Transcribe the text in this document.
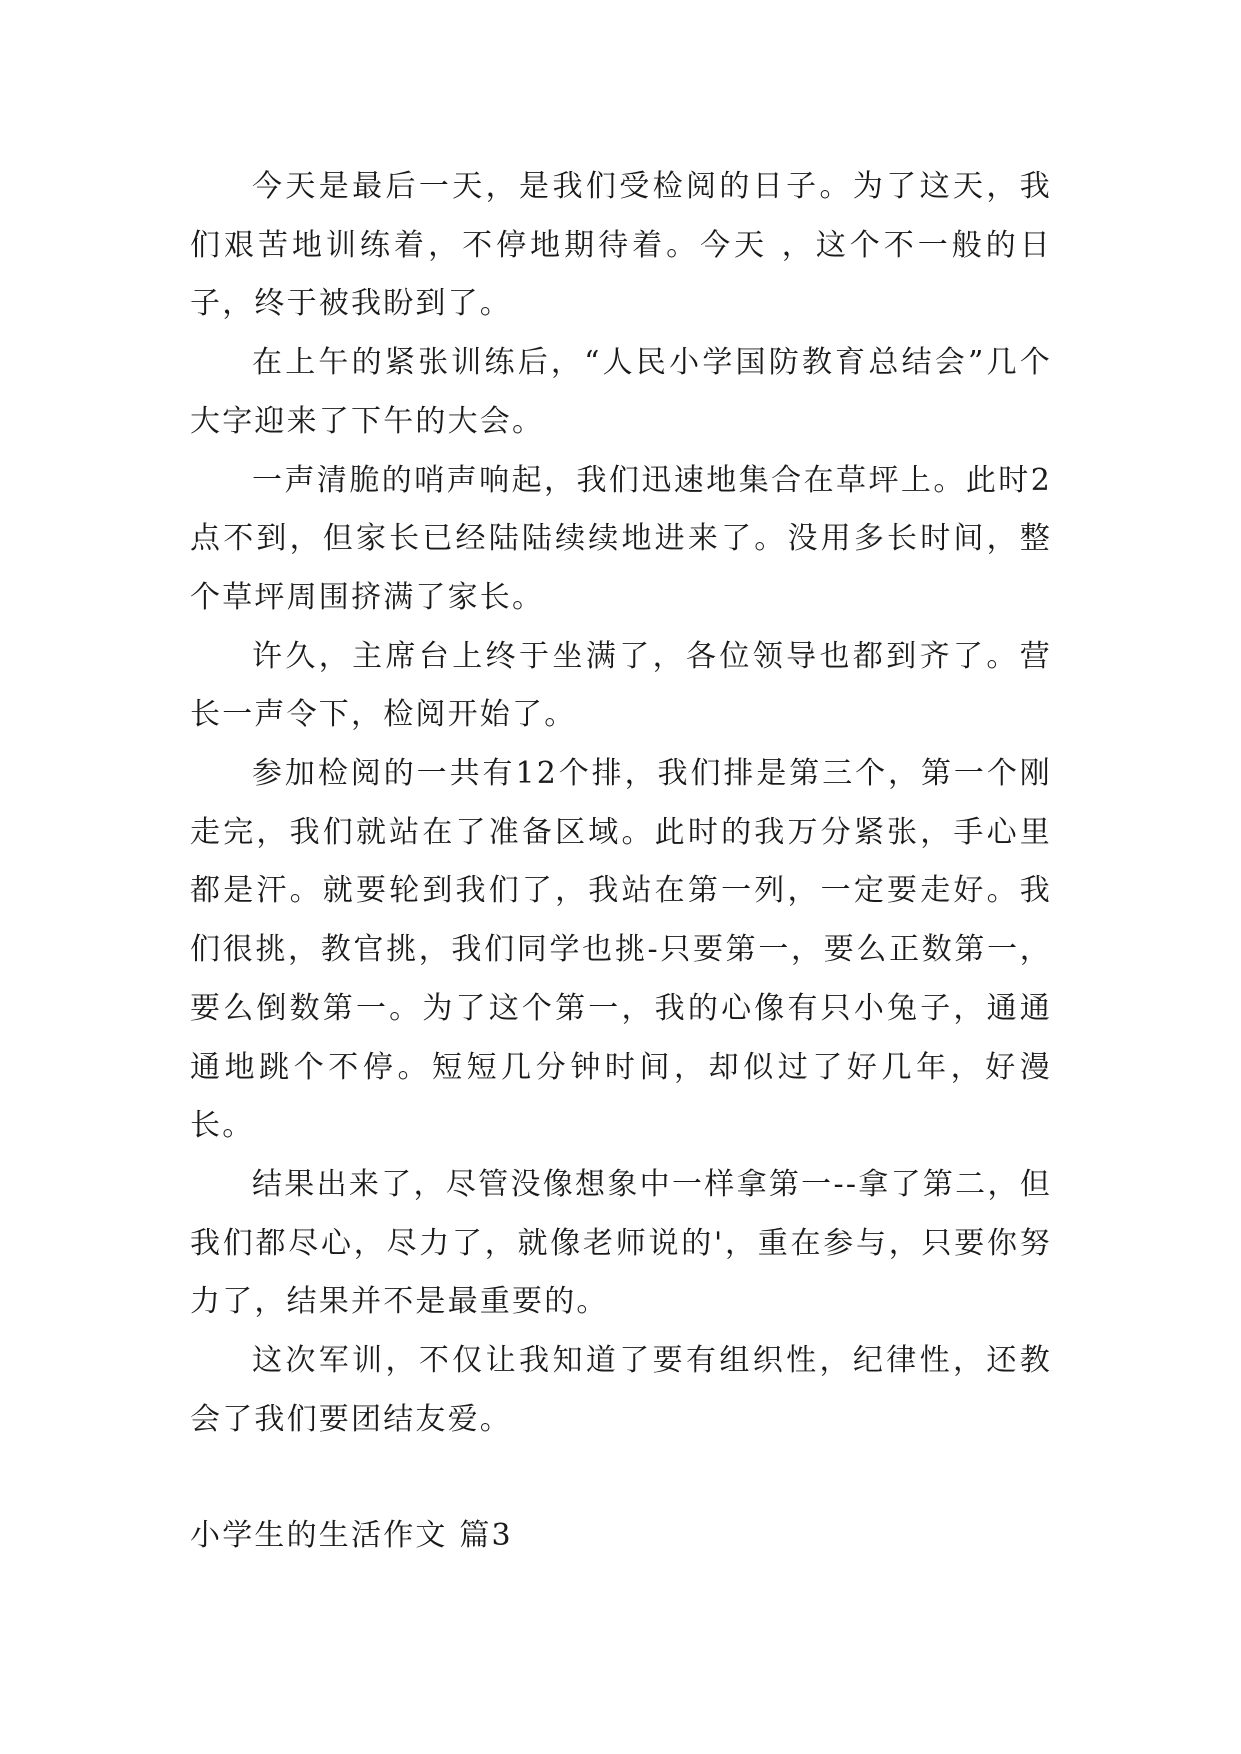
今天是最后一天，是我们受检阅的日子。为了这天，我们艰苦地训练着，不停地期待着。今天 ，这个不一般的日子，终于被我盼到了。

在上午的紧张训练后，“人民小学国防教育总结会”几个大字迎来了下午的大会。

一声清脆的哨声响起，我们迅速地集合在草坪上。此时2点不到，但家长已经陆陆续续地进来了。没用多长时间，整个草坪周围挤满了家长。

许久，主席台上终于坐满了，各位领导也都到齐了。营长一声令下，检阅开始了。

参加检阅的一共有12个排，我们排是第三个，第一个刚走完，我们就站在了准备区域。此时的我万分紧张，手心里都是汗。就要轮到我们了，我站在第一列，一定要走好。我们很挑，教官挑，我们同学也挑-只要第一，要么正数第一，要么倒数第一。为了这个第一，我的心像有只小兔子，通通通地跳个不停。短短几分钟时间，却似过了好几年，好漫长。

结果出来了，尽管没像想象中一样拿第一--拿了第二，但我们都尽心，尽力了，就像老师说的'，重在参与，只要你努力了，结果并不是最重要的。

这次军训，不仅让我知道了要有组织性，纪律性，还教会了我们要团结友爱。

小学生的生活作文 篇3
